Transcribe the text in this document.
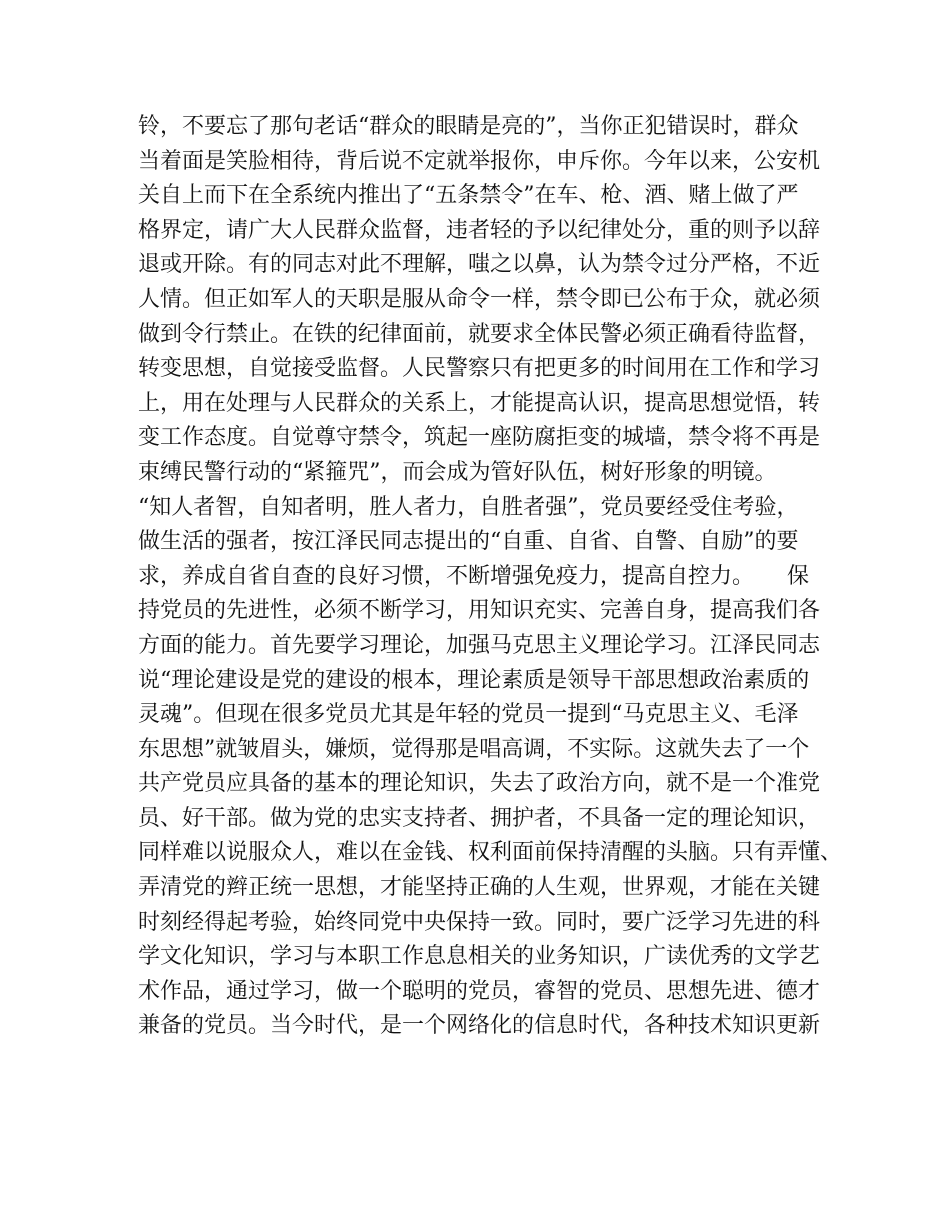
铃，不要忘了那句老话“群众的眼睛是亮的”，当你正犯错误时，群众
当着面是笑脸相待，背后说不定就举报你，申斥你。今年以来，公安机
关自上而下在全系统内推出了“五条禁令”在车、枪、酒、赌上做了严
格界定，请广大人民群众监督，违者轻的予以纪律处分，重的则予以辞
退或开除。有的同志对此不理解，嗤之以鼻，认为禁令过分严格，不近
人情。但正如军人的天职是服从命令一样，禁令即已公布于众，就必须
做到令行禁止。在铁的纪律面前，就要求全体民警必须正确看待监督，
转变思想，自觉接受监督。人民警察只有把更多的时间用在工作和学习
上，用在处理与人民群众的关系上，才能提高认识，提高思想觉悟，转
变工作态度。自觉尊守禁令，筑起一座防腐拒变的城墙，禁令将不再是
束缚民警行动的“紧箍咒”，而会成为管好队伍，树好形象的明镜。
“知人者智，自知者明，胜人者力，自胜者强”，党员要经受住考验，
做生活的强者，按江泽民同志提出的“自重、自省、自警、自励”的要
求，养成自省自查的良好习惯，不断增强免疫力，提高自控力。　　保
持党员的先进性，必须不断学习，用知识充实、完善自身，提高我们各
方面的能力。首先要学习理论，加强马克思主义理论学习。江泽民同志
说“理论建设是党的建设的根本，理论素质是领导干部思想政治素质的
灵魂”。但现在很多党员尤其是年轻的党员一提到“马克思主义、毛泽
东思想”就皱眉头，嫌烦，觉得那是唱高调，不实际。这就失去了一个
共产党员应具备的基本的理论知识，失去了政治方向，就不是一个准党
员、好干部。做为党的忠实支持者、拥护者，不具备一定的理论知识，
同样难以说服众人，难以在金钱、权利面前保持清醒的头脑。只有弄懂、
弄清党的辫正统一思想，才能坚持正确的人生观，世界观，才能在关键
时刻经得起考验，始终同党中央保持一致。同时，要广泛学习先进的科
学文化知识，学习与本职工作息息相关的业务知识，广读优秀的文学艺
术作品，通过学习，做一个聪明的党员，睿智的党员、思想先进、德才
兼备的党员。当今时代，是一个网络化的信息时代，各种技术知识更新
